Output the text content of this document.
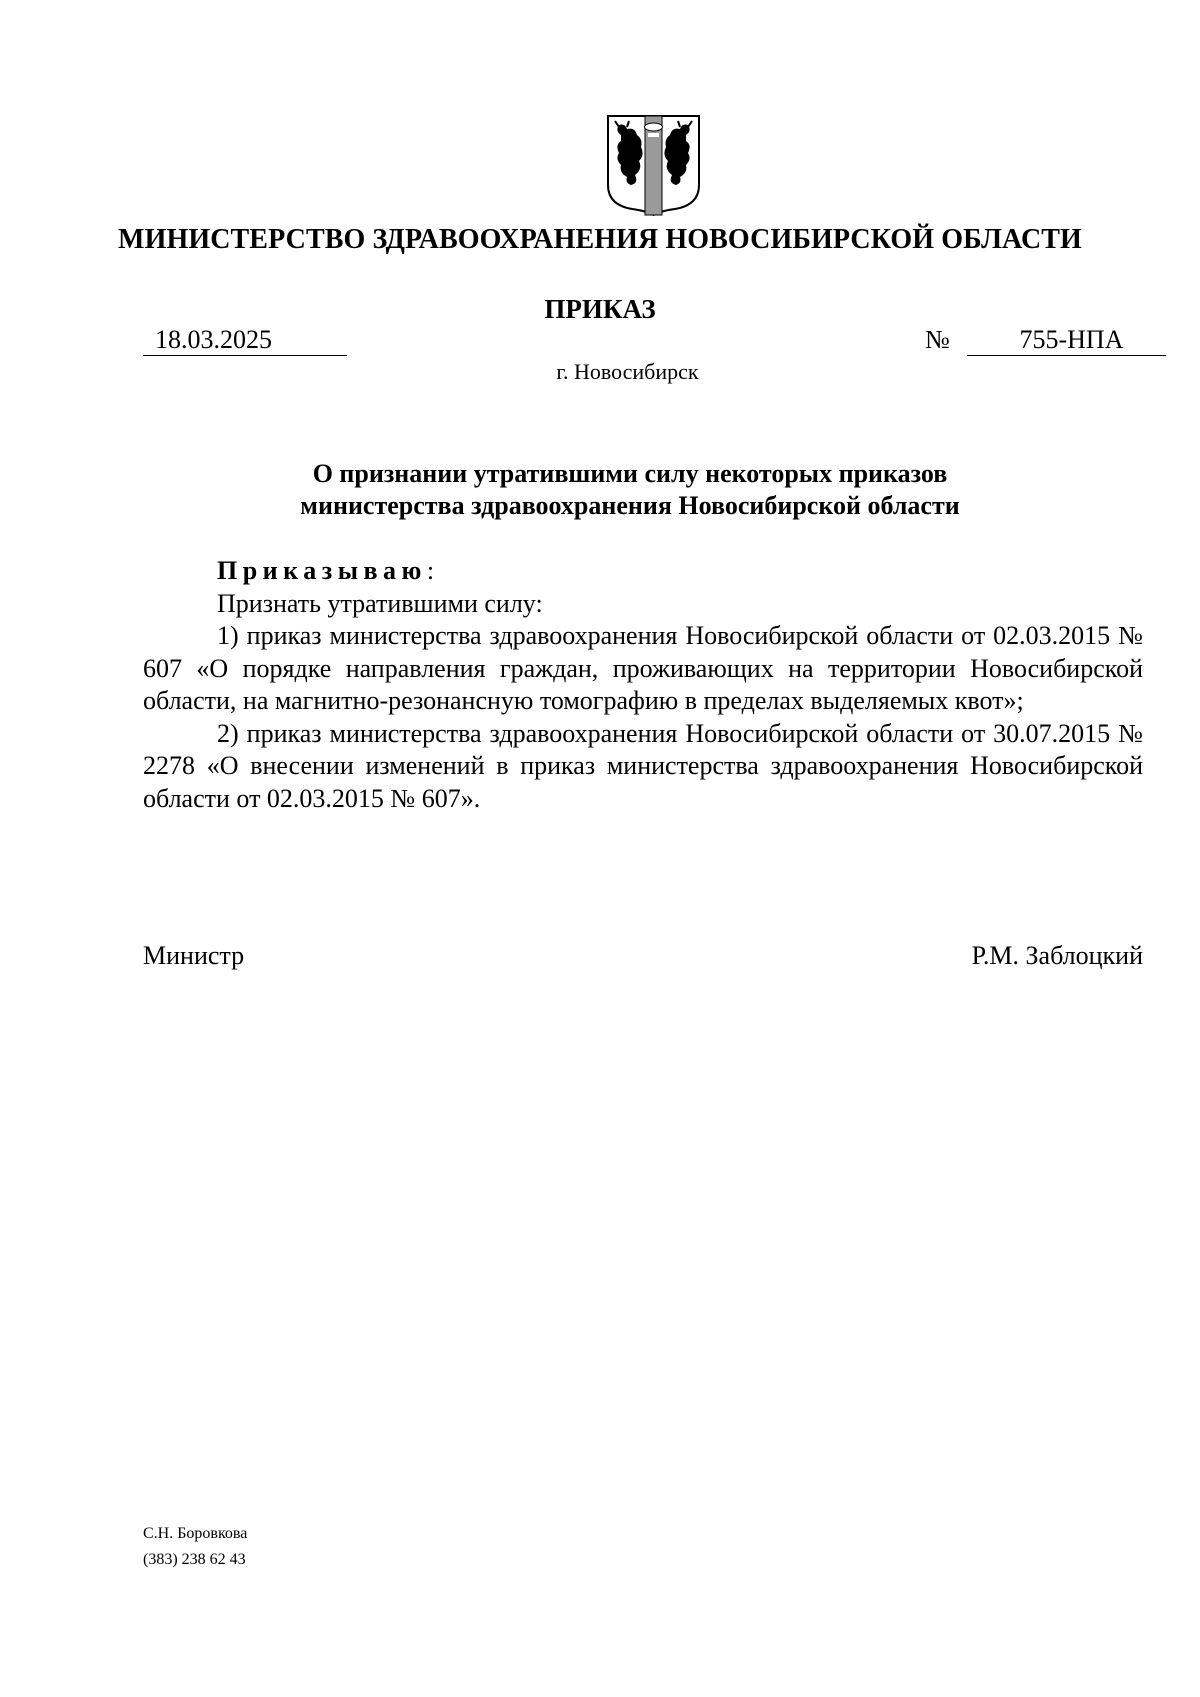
МИНИСТЕРСТВО ЗДРАВООХРАНЕНИЯ НОВОСИБИРСКОЙ ОБЛАСТИ
ПРИКАЗ
18.03.2025	№	755-НПА
г. Новосибирск
О признании утратившими силу некоторых приказов
министерства здравоохранения Новосибирской области

Приказываю:

Признать утратившими силу:

1) приказ министерства здравоохранения Новосибирской области от 02.03.2015 № 607 «О порядке направления граждан, проживающих на территории Новосибирской области, на магнитно-резонансную томографию в пределах выделяемых квот»;

2) приказ министерства здравоохранения Новосибирской области от 30.07.2015 № 2278 «О внесении изменений в приказ министерства здравоохранения Новосибирской области от 02.03.2015 № 607».

Министр	Р.М. Заблоцкий
С.Н. Боровкова
(383) 238 62 43
